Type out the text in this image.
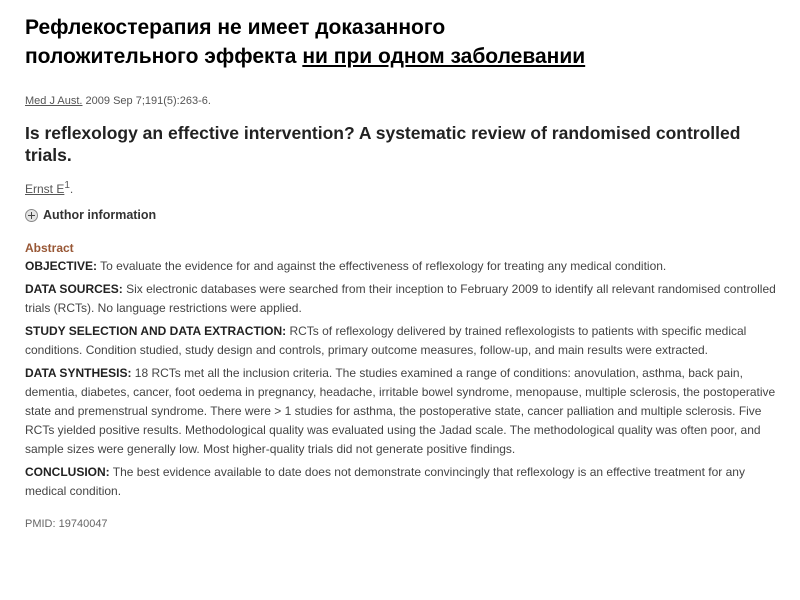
Рефлекостерапия не имеет доказанного
положительного эффекта ни при одном заболевании
Med J Aust. 2009 Sep 7;191(5):263-6.
Is reflexology an effective intervention? A systematic review of randomised controlled trials.
Ernst $E^1$.
Author information
Abstract
OBJECTIVE: To evaluate the evidence for and against the effectiveness of reflexology for treating any medical condition.
DATA SOURCES: Six electronic databases were searched from their inception to February 2009 to identify all relevant randomised controlled trials (RCTs). No language restrictions were applied.
STUDY SELECTION AND DATA EXTRACTION: RCTs of reflexology delivered by trained reflexologists to patients with specific medical conditions. Condition studied, study design and controls, primary outcome measures, follow-up, and main results were extracted.
DATA SYNTHESIS: 18 RCTs met all the inclusion criteria. The studies examined a range of conditions: anovulation, asthma, back pain, dementia, diabetes, cancer, foot oedema in pregnancy, headache, irritable bowel syndrome, menopause, multiple sclerosis, the postoperative state and premenstrual syndrome. There were > 1 studies for asthma, the postoperative state, cancer palliation and multiple sclerosis. Five RCTs yielded positive results. Methodological quality was evaluated using the Jadad scale. The methodological quality was often poor, and sample sizes were generally low. Most higher-quality trials did not generate positive findings.
CONCLUSION: The best evidence available to date does not demonstrate convincingly that reflexology is an effective treatment for any medical condition.
PMID: 19740047
